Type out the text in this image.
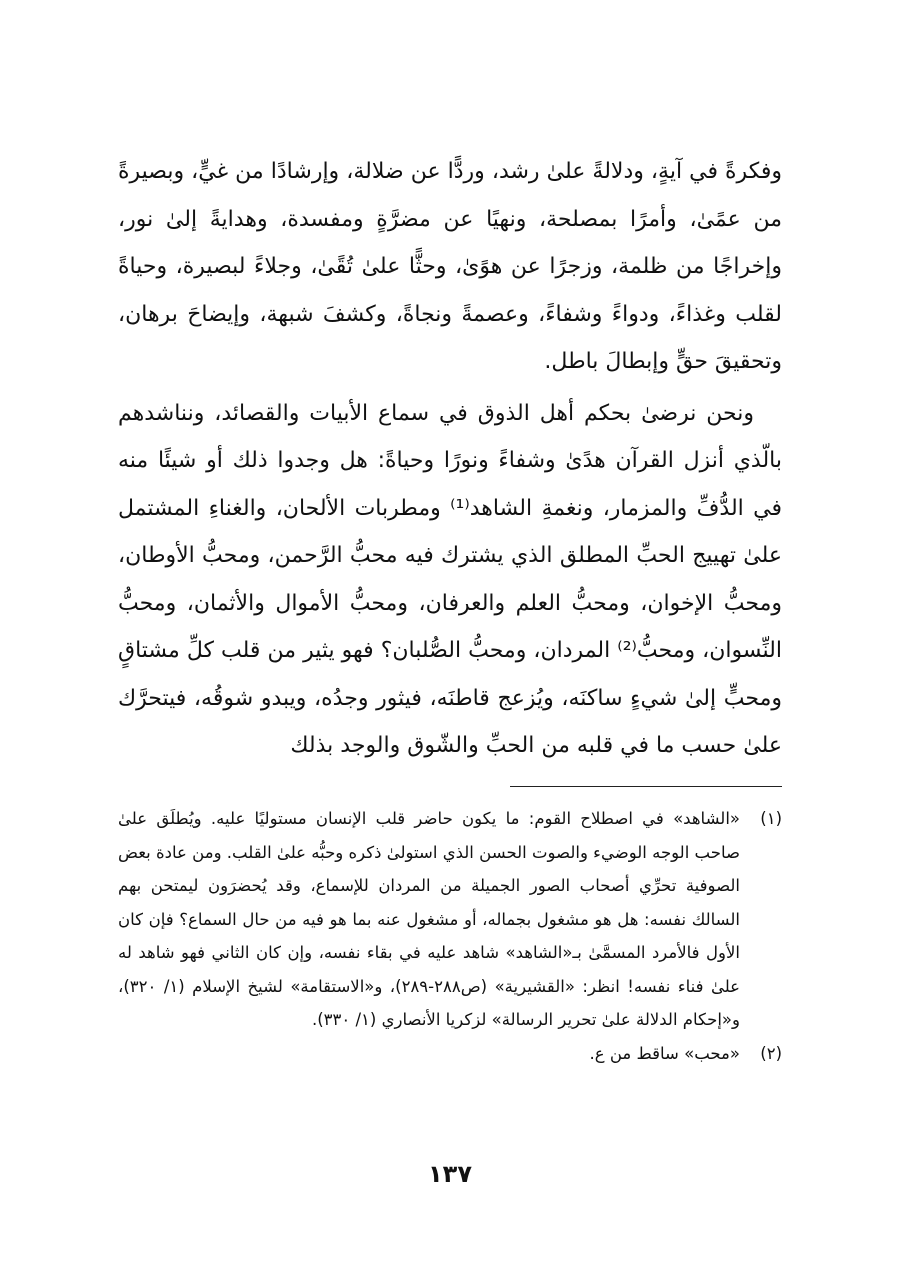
وفكرةً في آيةٍ، ودلالةً علىٰ رشد، وردًّا عن ضلالة، وإرشادًا من غيٍّ، وبصيرةً من عمًىٰ، وأمرًا بمصلحة، ونهيًا عن مضرَّةٍ ومفسدة، وهدايةً إلىٰ نور، وإخراجًا من ظلمة، وزجرًا عن هوًىٰ، وحثًّا علىٰ تُقًىٰ، وجلاءً لبصيرة، وحياةً لقلب وغذاءً، ودواءً وشفاءً، وعصمةً ونجاةً، وكشفَ شبهة، وإيضاحَ برهان، وتحقيقَ حقٍّ وإبطالَ باطل.

ونحن نرضىٰ بحكم أهل الذوق في سماع الأبيات والقصائد، ونناشدهم بالّذي أنزل القرآن هدًىٰ وشفاءً ونورًا وحياةً: هل وجدوا ذلك أو شيئًا منه في الدُّفِّ والمزمار، ونغمةِ الشاهد⁽¹⁾ ومطربات الألحان، والغناءِ المشتمل علىٰ تهييج الحبِّ المطلق الذي يشترك فيه محبُّ الرَّحمن، ومحبُّ الأوطان، ومحبُّ الإخوان، ومحبُّ العلم والعرفان، ومحبُّ الأموال والأثمان، ومحبُّ النِّسوان، ومحبُّ⁽²⁾ المردان، ومحبُّ الصُّلبان؟ فهو يثير من قلب كلِّ مشتاقٍ ومحبٍّ إلىٰ شيءٍ ساكنَه، ويُزعج قاطنَه، فيثور وجدُه، ويبدو شوقُه، فيتحرَّك علىٰ حسب ما في قلبه من الحبِّ والشّوق والوجد بذلك

(١)
«الشاهد» في اصطلاح القوم: ما يكون حاضر قلب الإنسان مستوليًا عليه. ويُطلَق علىٰ صاحب الوجه الوضيء والصوت الحسن الذي استولىٰ ذكره وحبُّه علىٰ القلب. ومن عادة بعض الصوفية تحرِّي أصحاب الصور الجميلة من المردان للإسماع، وقد يُحضرَون ليمتحن بهم السالك نفسه: هل هو مشغول بجماله، أو مشغول عنه بما هو فيه من حال السماع؟ فإن كان الأول فالأمرد المسمَّىٰ بـ«الشاهد» شاهد عليه في بقاء نفسه، وإن كان الثاني فهو شاهد له علىٰ فناء نفسه! انظر: «القشيرية» (ص٢٨٨-٢٨٩)، و«الاستقامة» لشيخ الإسلام (١/ ٣٢٠)، و«إحكام الدلالة علىٰ تحرير الرسالة» لزكريا الأنصاري (١/ ٣٣٠).
(٢)
«محب» ساقط من ع.
١٣٧
